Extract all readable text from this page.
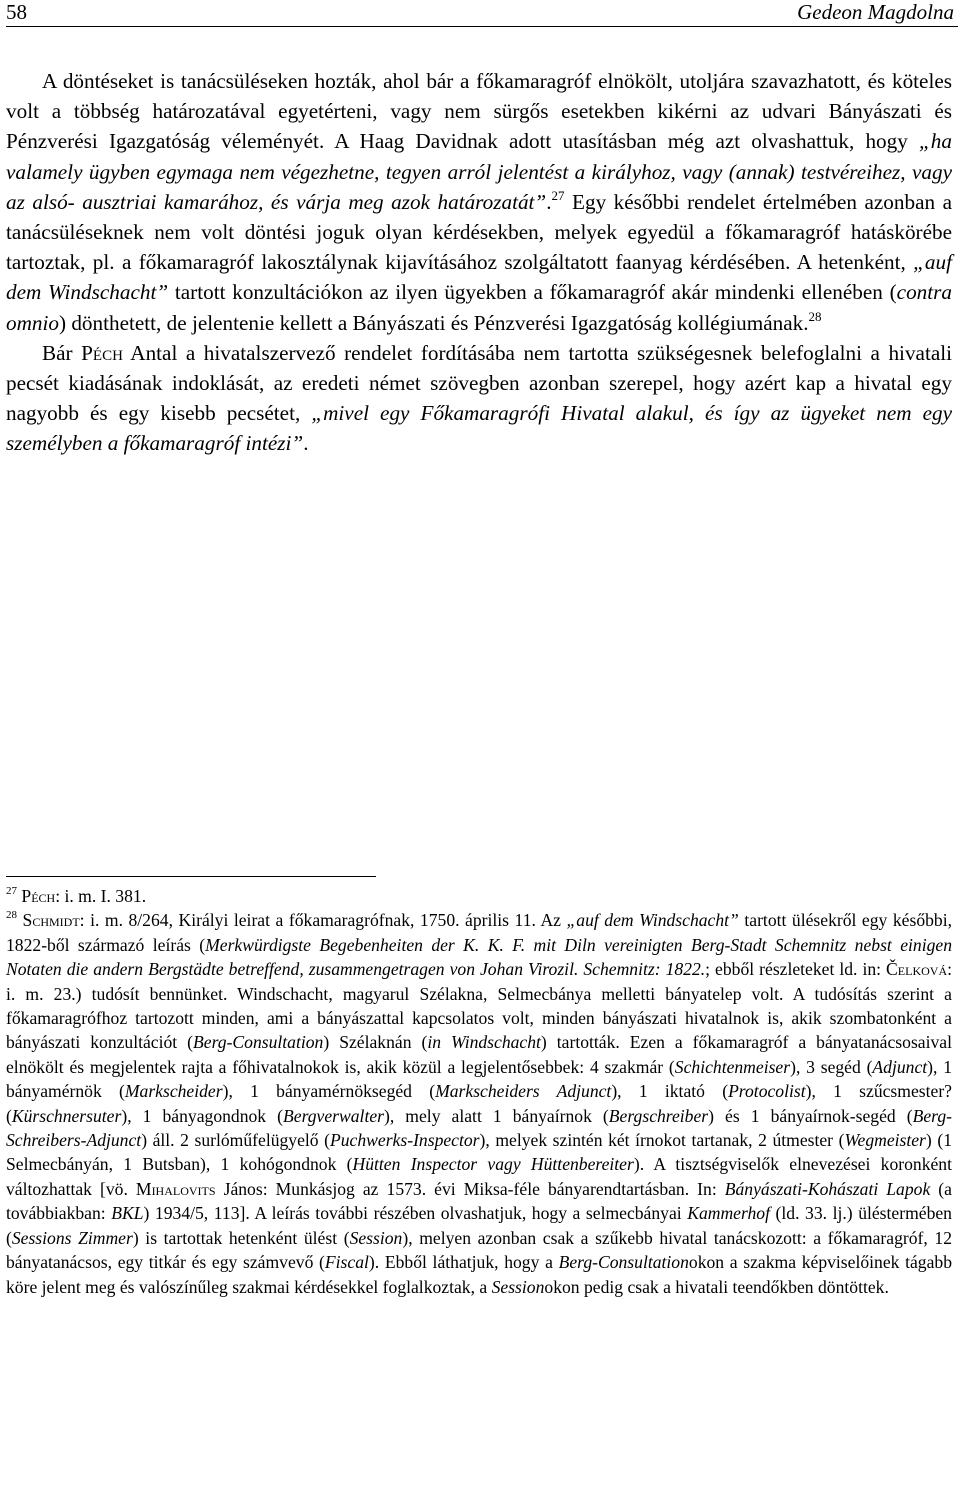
58	Gedeon Magdolna

A döntéseket is tanácsüléseken hozták, ahol bár a főkamaragróf elnökölt, utoljára szavazhatott, és köteles volt a többség határozatával egyetérteni, vagy nem sürgős esetekben kikérni az udvari Bányászati és Pénzverési Igazgatóság véleményét. A Haag Davidnak adott utasításban még azt olvashattuk, hogy „ha valamely ügyben egymaga nem végezhetne, tegyen arról jelentést a királyhoz, vagy (annak) testvéreihez, vagy az alsó- ausztriai kamarához, és várja meg azok határozatát”.$^{27}$ Egy későbbi rendelet értelmében azonban a tanácsüléseknek nem volt döntési joguk olyan kérdésekben, melyek egyedül a főkamaragróf hatáskörébe tartoztak, pl. a főkamaragróf lakosztálynak kijavításához szolgáltatott faanyag kérdésében. A hetenként, „auf dem Windschacht” tartott konzultációkon az ilyen ügyekben a főkamaragróf akár mindenki ellenében (contra omnio) dönthetett, de jelentenie kellett a Bányászati és Pénzverési Igazgatóság kollégiumának.$^{28}$

Bár Péch Antal a hivatalszervező rendelet fordításába nem tartotta szükségesnek belefoglalni a hivatali pecsét kiadásának indoklását, az eredeti német szövegben azonban szerepel, hogy azért kap a hivatal egy nagyobb és egy kisebb pecsétet, „mivel egy Főkamaragrófi Hivatal alakul, és így az ügyeket nem egy személyben a főkamaragróf intézi”.

$^{27}$ Péch: i. m. I. 381.

$^{28}$ Schmidt: i. m. 8/264, Királyi leirat a főkamaragrófnak, 1750. április 11. Az „auf dem Windschacht” tartott ülésekről egy későbbi, 1822-ből származó leírás (Merkwürdigste Begebenheiten der K. K. F. mit Diln vereinigten Berg-Stadt Schemnitz nebst einigen Notaten die andern Bergstädte betreffend, zusammengetragen von Johan Virozil. Schemnitz: 1822.; ebből részleteket ld. in: Čelková: i. m. 23.) tudósít bennünket. Windschacht, magyarul Szélakna, Selmecbánya melletti bányatelep volt. A tudósítás szerint a főkamaragrófhoz tartozott minden, ami a bányászattal kapcsolatos volt, minden bányászati hivatalnok is, akik szombatonként a bányászati konzultációt (Berg-Consultation) Szélaknán (in Windschacht) tartották. Ezen a főkamaragróf a bányatanácsosaival elnökölt és megjelentek rajta a főhivatalnokok is, akik közül a legjelentősebbek: 4 szakmár (Schichtenmeiser), 3 segéd (Adjunct), 1 bányamérnök (Markscheider), 1 bányamérnöksegéd (Markscheiders Adjunct), 1 iktató (Protocolist), 1 szűcsmester? (Kürschnersuter), 1 bányagondnok (Bergverwalter), mely alatt 1 bányaírnok (Bergschreiber) és 1 bányaírnok-segéd (Berg-Schreibers-Adjunct) áll. 2 surlóműfelügyelő (Puchwerks-Inspector), melyek szintén két írnokot tartanak, 2 útmester (Wegmeister) (1 Selmecbányán, 1 Butsban), 1 kohógondnok (Hütten Inspector vagy Hüttenbereiter). A tisztségviselők elnevezései koronként változhattak [vö. Mihalovits János: Munkásjog az 1573. évi Miksa-féle bányarendtartásban. In: Bányászati-Kohászati Lapok (a továbbiakban: BKL) 1934/5, 113]. A leírás további részében olvashatjuk, hogy a selmecbányai Kammerhof (ld. 33. lj.) üléstermében (Sessions Zimmer) is tartottak hetenként ülést (Session), melyen azonban csak a szűkebb hivatal tanácskozott: a főkamaragróf, 12 bányatanácsos, egy titkár és egy számvevő (Fiscal). Ebből láthatjuk, hogy a Berg-Consultationokon a szakma képviselőinek tágabb köre jelent meg és valószínűleg szakmai kérdésekkel foglalkoztak, a Sessionokon pedig csak a hivatali teendőkben döntöttek.
